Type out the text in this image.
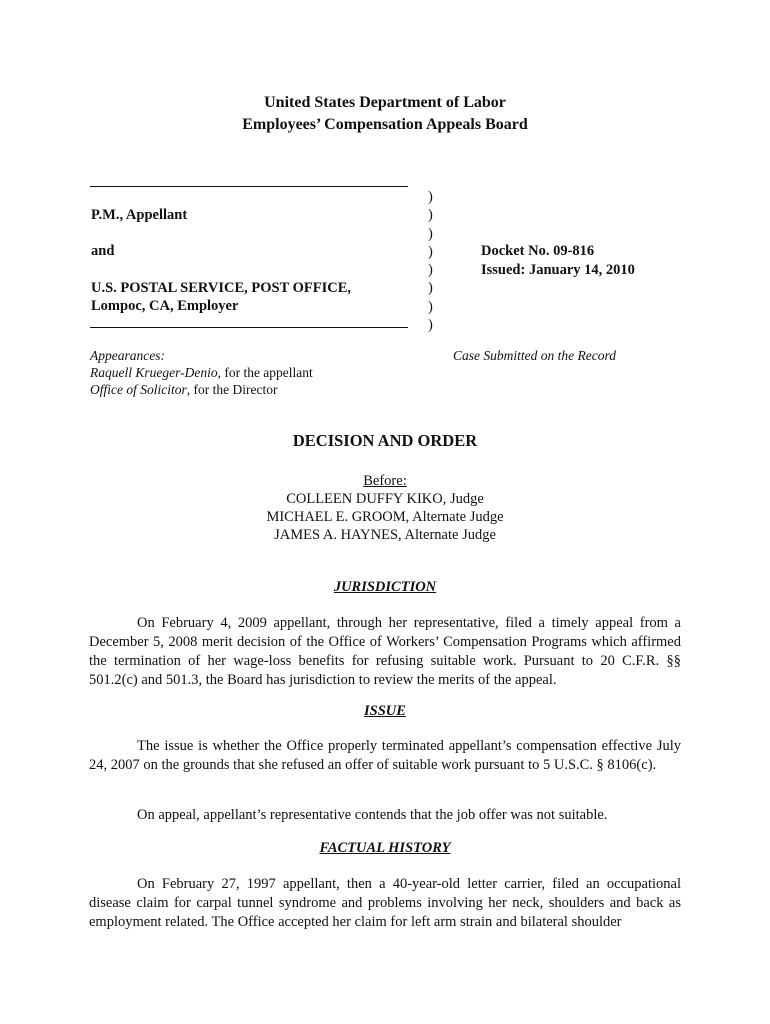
United States Department of Labor
Employees’ Compensation Appeals Board
P.M., Appellant
and
U.S. POSTAL SERVICE, POST OFFICE,
Lompoc, CA, Employer
)
)
)
)
)
)
)
)
Docket No. 09-816
Issued: January 14, 2010
Appearances:
Raquell Krueger-Denio, for the appellant
Office of Solicitor, for the Director
Case Submitted on the Record
DECISION AND ORDER
Before:
COLLEEN DUFFY KIKO, Judge
MICHAEL E. GROOM, Alternate Judge
JAMES A. HAYNES, Alternate Judge
JURISDICTION

On February 4, 2009 appellant, through her representative, filed a timely appeal from a December 5, 2008 merit decision of the Office of Workers’ Compensation Programs which affirmed the termination of her wage-loss benefits for refusing suitable work. Pursuant to 20 C.F.R. §§ 501.2(c) and 501.3, the Board has jurisdiction to review the merits of the appeal.

ISSUE

The issue is whether the Office properly terminated appellant’s compensation effective July 24, 2007 on the grounds that she refused an offer of suitable work pursuant to 5 U.S.C. § 8106(c).

On appeal, appellant’s representative contends that the job offer was not suitable.

FACTUAL HISTORY

On February 27, 1997 appellant, then a 40-year-old letter carrier, filed an occupational disease claim for carpal tunnel syndrome and problems involving her neck, shoulders and back as employment related. The Office accepted her claim for left arm strain and bilateral shoulder
